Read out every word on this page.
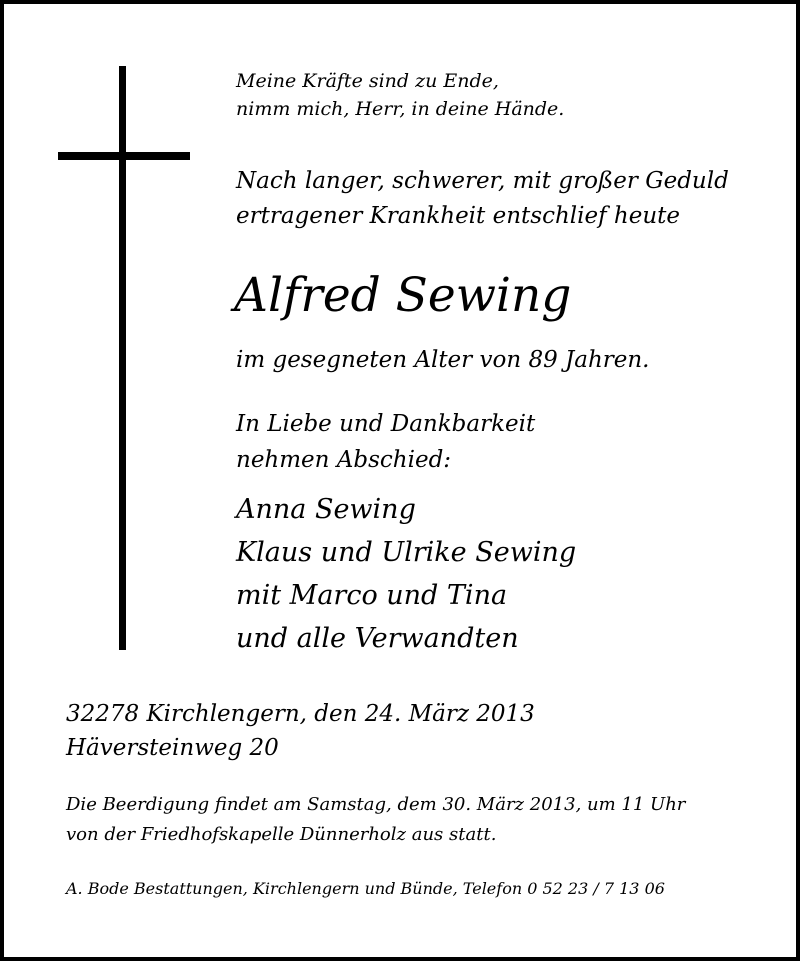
Meine Kräfte sind zu Ende,
nimm mich, Herr, in deine Hände.
Nach langer, schwerer, mit großer Geduld
ertragener Krankheit entschlief heute
Alfred Sewing
im gesegneten Alter von 89 Jahren.
In Liebe und Dankbarkeit
nehmen Abschied:
Anna Sewing
Klaus und Ulrike Sewing
mit Marco und Tina
und alle Verwandten
32278 Kirchlengern, den 24. März 2013
Häversteinweg 20
Die Beerdigung findet am Samstag, dem 30. März 2013, um 11 Uhr
von der Friedhofskapelle Dünnerholz aus statt.
A. Bode Bestattungen, Kirchlengern und Bünde, Telefon 0 52 23 / 7 13 06
